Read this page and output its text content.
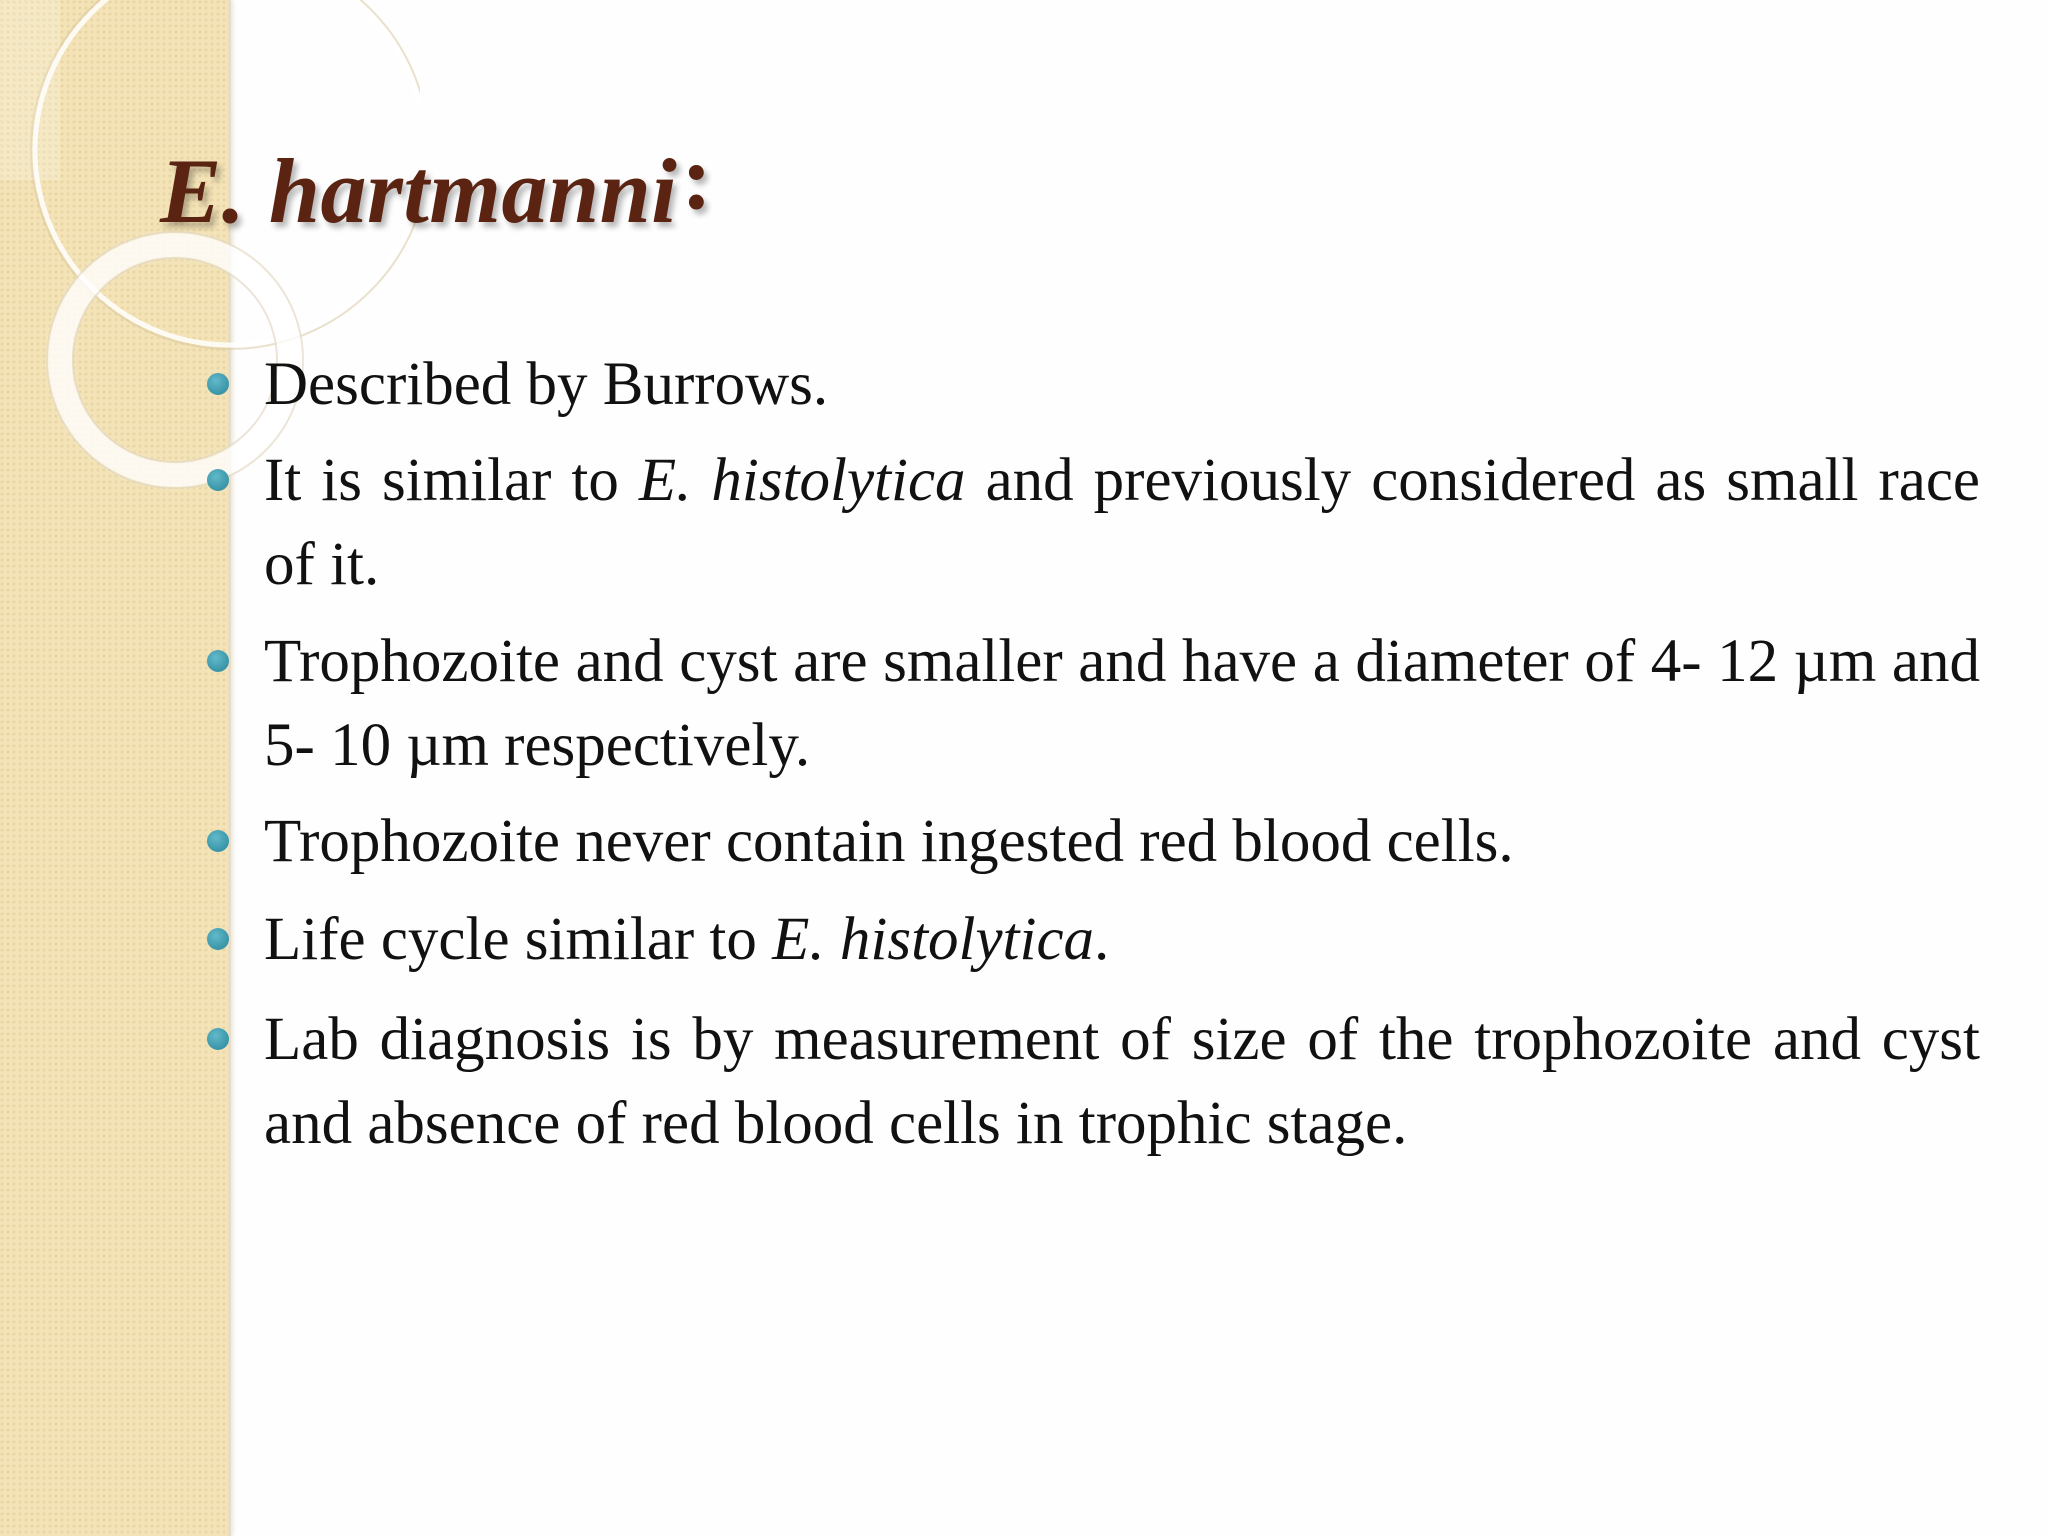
E. hartmanni:
Described by Burrows.
It is similar to E. histolytica and previously considered as small race of it.
Trophozoite and cyst are smaller and have a diameter of 4- 12 µm and 5- 10 µm respectively.
Trophozoite never contain ingested red blood cells.
Life cycle similar to E. histolytica.
Lab diagnosis is by measurement of size of the trophozoite and cyst and absence of red blood cells in trophic stage.
